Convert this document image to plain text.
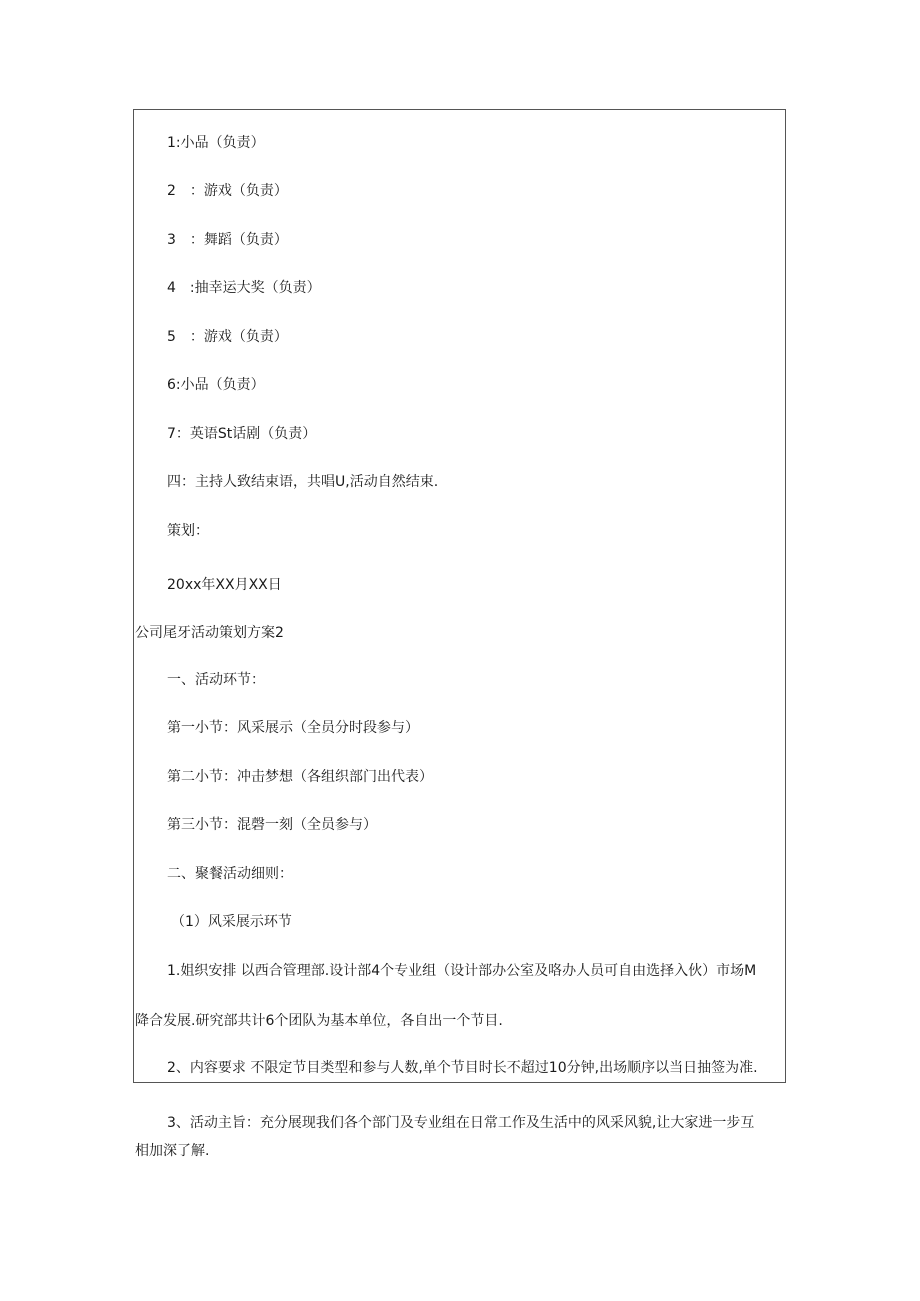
1:小品（负责）
2　：游戏（负责）
3　：舞蹈（负责）
4　:抽幸运大奖（负责）
5　：游戏（负责）
6:小品（负责）
7：英语St话剧（负责）
四：主持人致结束语，共唱U,活动自然结束.
策划：
20xx年XX月XX日
公司尾牙活动策划方案2
一、活动环节：
第一小节：风采展示（全员分时段参与）
第二小节：冲击梦想（各组织部门出代表）
第三小节：混磬一刻（全员参与）
二、聚餐活动细则：
（1）风采展示环节
1.姐织安排 以西合管理部.设计部4个专业组（设计部办公室及咯办人员可自由选择入伙）市场M
降合发展.研究部共计6个团队为基本单位，各自出一个节目.
2、内容要求 不限定节目类型和参与人数,单个节目时长不超过10分钟,出场顺序以当日抽签为准.
3、活动主旨：充分展现我们各个部门及专业组在日常工作及生活中的风采风貌,让大家进一步互
相加深了解.
